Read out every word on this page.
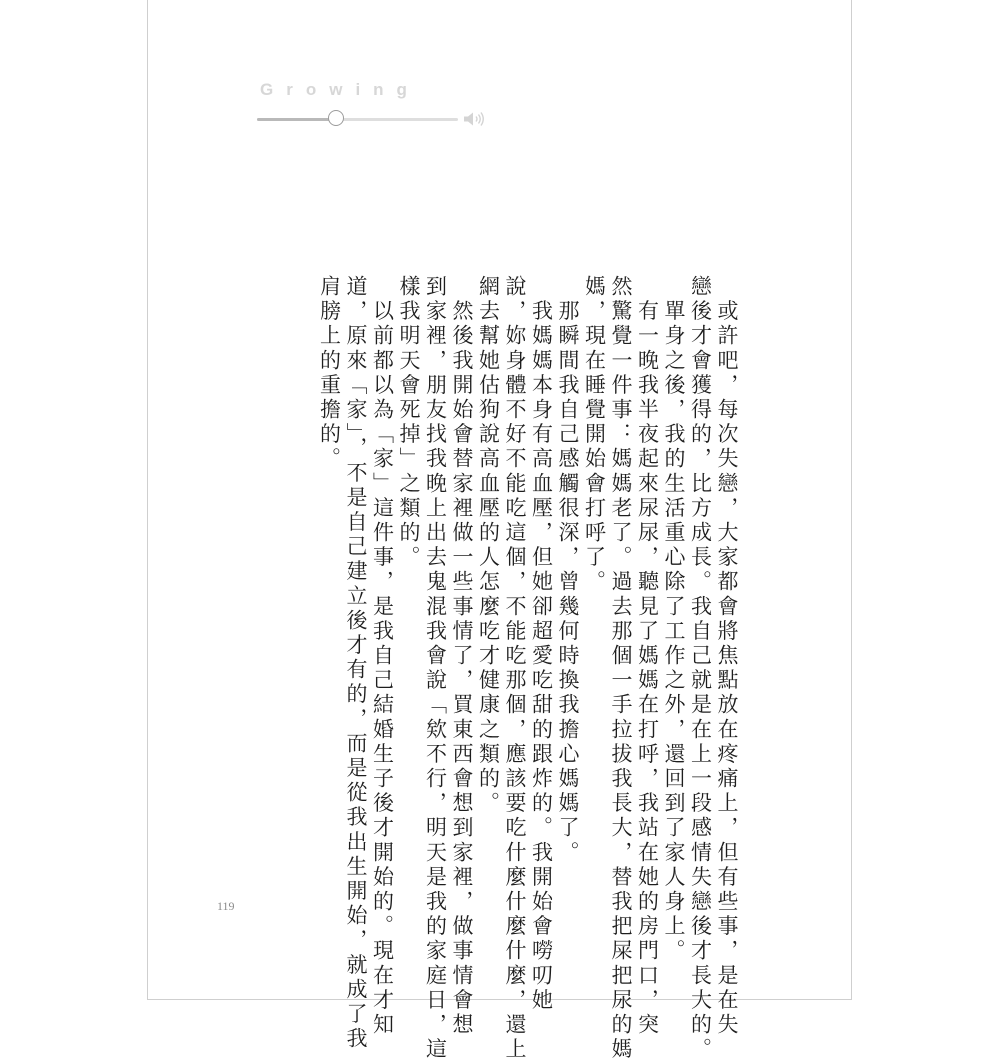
Growing

　或許吧，每次失戀，大家都會將焦點放在疼痛上，但有些事，是在失

戀後才會獲得的，比方成長。我自己就是在上一段感情失戀後才長大的。

　單身之後，我的生活重心除了工作之外，還回到了家人身上。

　有一晚我半夜起來尿尿，聽見了媽媽在打呼，我站在她的房門口，突

然驚覺一件事：媽媽老了。過去那個一手拉拔我長大，替我把屎把尿的媽

媽，現在睡覺開始會打呼了。

　那瞬間我自己感觸很深，曾幾何時換我擔心媽媽了。

　我媽媽本身有高血壓，但她卻超愛吃甜的跟炸的。我開始會嘮叨她

說，妳身體不好不能吃這個，不能吃那個，應該要吃什麼什麼什麼，還上

網去幫她估狗說高血壓的人怎麼吃才健康之類的。

　然後我開始會替家裡做一些事情了，買東西會想到家裡，做事情會想

到家裡，朋友找我晚上出去鬼混我會說「欸不行，明天是我的家庭日，這

樣我明天會死掉」之類的。

　以前都以為「家」這件事，是我自己結婚生子後才開始的。現在才知

道，原來「家」，不是自己建立後才有的，而是從我出生開始，就成了我

肩膀上的重擔的。

119
